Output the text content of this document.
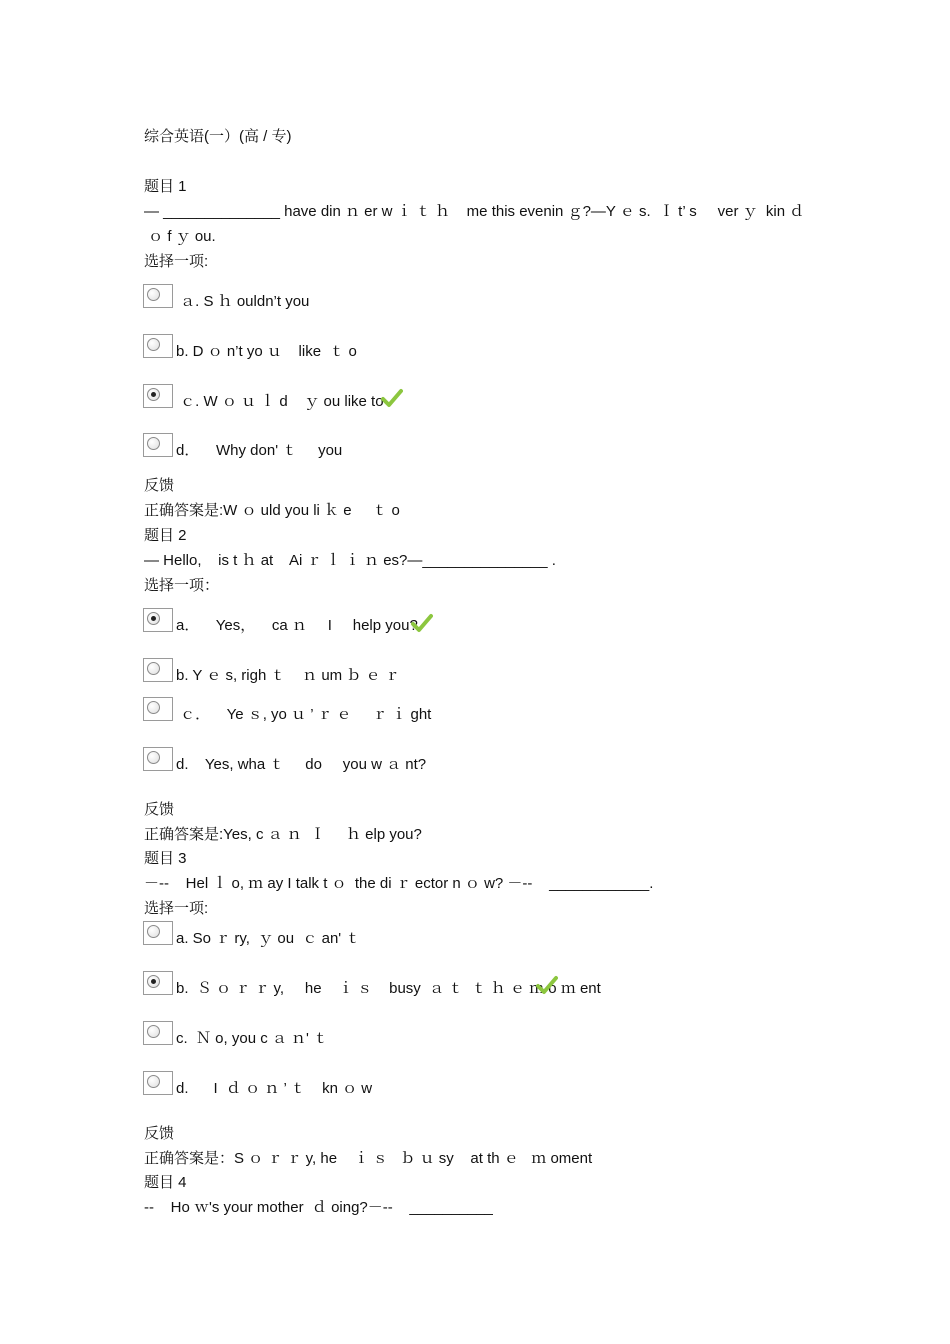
综合英语(一）(高 / 专)
题目 1
— ______________ have din ｎ er w ｉ ｔ ｈ    me this evenin ｇ?—Y ｅ s.  Ｉ t’ s     ver ｙ  kin ｄ
ｏ f ｙ ou.
选择一项:
ａ. S ｈ ouldn’t you
b. D ｏ n’t yo ｕ    like  ｔ o
ｃ. W ｏ ｕ ｌ d    ｙ ou like to
d．    Why don' ｔ     you
反馈
正确答案是:W ｏ uld you li ｋ e     ｔ o
题目 2
— Hello,    is t ｈ at    Ai ｒ ｌ ｉ ｎ es?—_______________ .
选择一项：
a．    Yes，    ca ｎ     I     help you?
b. Y ｅ s, righ ｔ    ｎ um ｂ ｅ ｒ
ｃ．    Ye ｓ, yo ｕ ’ ｒ ｅ     ｒ ｉ ght
d.    Yes, wha ｔ     do     you w ａ nt?
反馈
正确答案是:Yes, c ａ ｎ  Ｉ     ｈ elp you?
题目 3
－--    Hel ｌ o, ｍ ay I talk t ｏ  the di ｒ ector n ｏ w? －--    ____________.
选择一项:
a. So ｒ ry,  ｙ ou  ｃ an' ｔ
b.  Ｓ ｏ ｒ ｒ y,     he    ｉ ｓ    busy  ａ ｔ  ｔ ｈ ｅ ｍ o ｍ ent
c.  Ｎ o, you c ａ ｎ' ｔ
d.      I  ｄ ｏ ｎ ’ ｔ    kn ｏ w
反馈
正确答案是：S ｏ ｒ ｒ y, he    ｉ ｓ   ｂ ｕ sy    at th ｅ   ｍ oment
题目 4
--    Ho ｗ's your mother  ｄ oing?－--    __________
